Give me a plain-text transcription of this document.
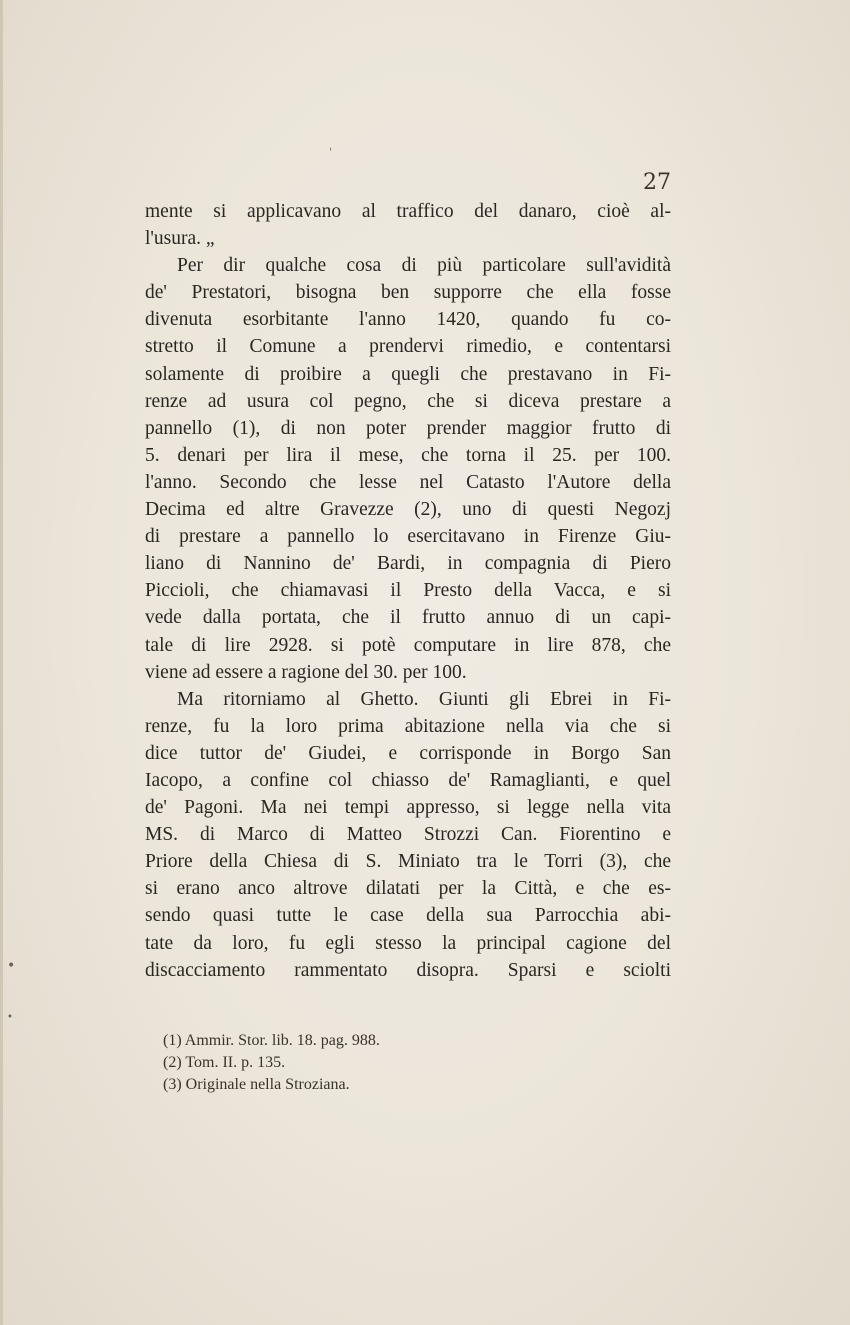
ˈ
•
•
27
mente si applicavano al traffico del danaro, cioè al-
l'usura. „
Per dir qualche cosa di più particolare sull'avidità
de' Prestatori, bisogna ben supporre che ella fosse
divenuta esorbitante l'anno 1420, quando fu co-
stretto il Comune a prendervi rimedio, e contentarsi
solamente di proibire a quegli che prestavano in Fi-
renze ad usura col pegno, che si diceva prestare a
pannello (1), di non poter prender maggior frutto di
5. denari per lira il mese, che torna il 25. per 100.
l'anno. Secondo che lesse nel Catasto l'Autore della
Decima ed altre Gravezze (2), uno di questi Negozj
di prestare a pannello lo esercitavano in Firenze Giu-
liano di Nannino de' Bardi, in compagnia di Piero
Piccioli, che chiamavasi il Presto della Vacca, e si
vede dalla portata, che il frutto annuo di un capi-
tale di lire 2928. si potè computare in lire 878, che
viene ad essere a ragione del 30. per 100.
Ma ritorniamo al Ghetto. Giunti gli Ebrei in Fi-
renze, fu la loro prima abitazione nella via che si
dice tuttor de' Giudei, e corrisponde in Borgo San
Iacopo, a confine col chiasso de' Ramaglianti, e quel
de' Pagoni. Ma nei tempi appresso, si legge nella vita
MS. di Marco di Matteo Strozzi Can. Fiorentino e
Priore della Chiesa di S. Miniato tra le Torri (3), che
si erano anco altrove dilatati per la Città, e che es-
sendo quasi tutte le case della sua Parrocchia abi-
tate da loro, fu egli stesso la principal cagione del
discacciamento rammentato disopra. Sparsi e sciolti
(1) Ammir. Stor. lib. 18. pag. 988.
(2) Tom. II. p. 135.
(3) Originale nella Stroziana.
